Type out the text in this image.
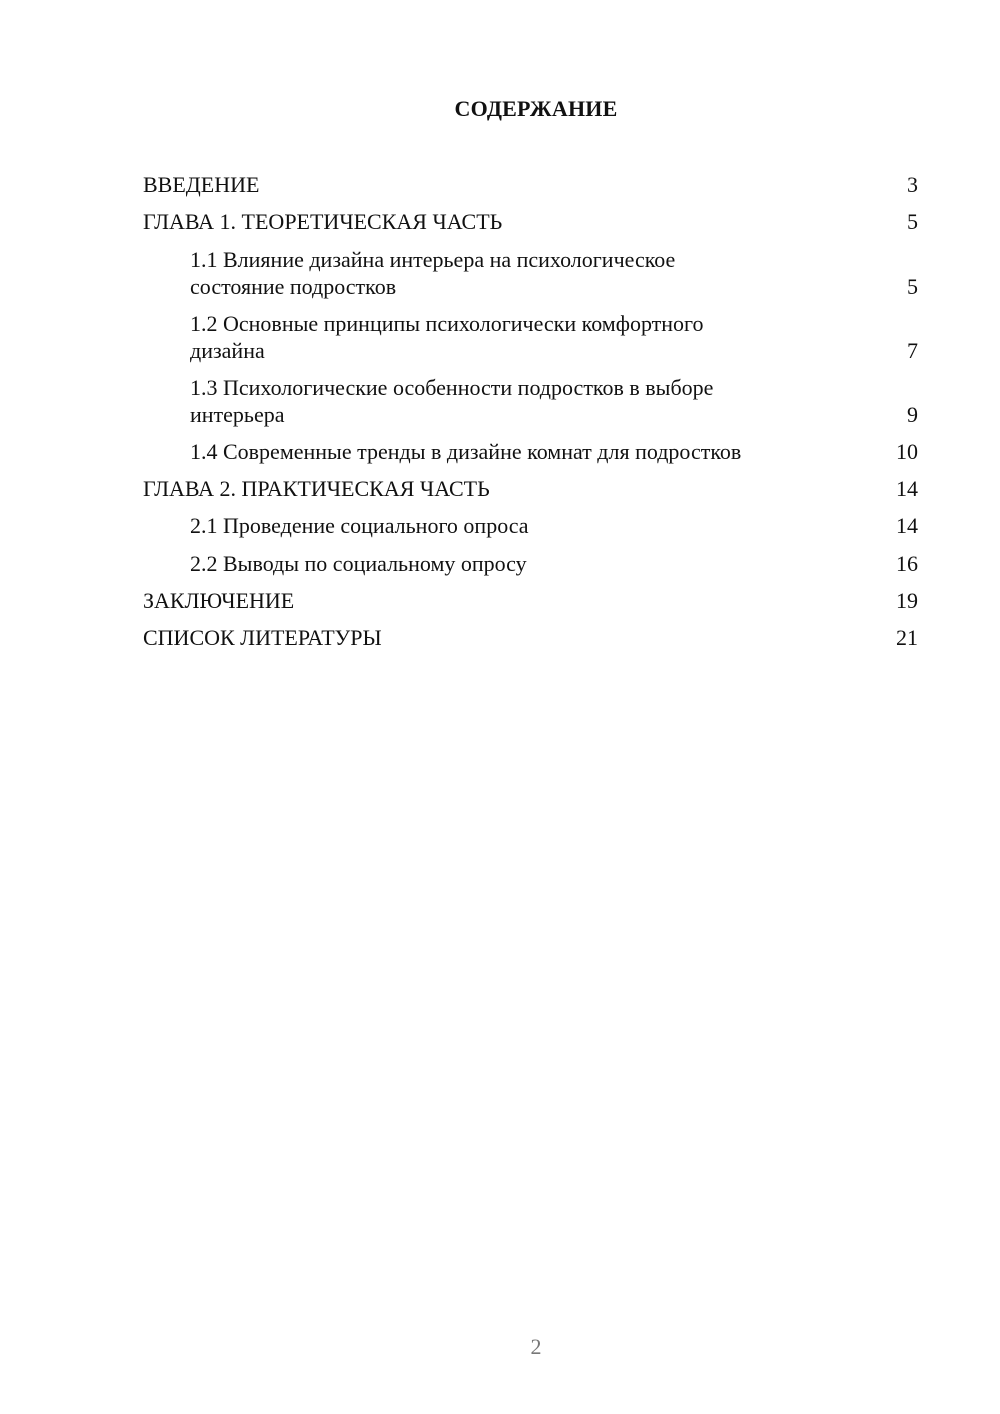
СОДЕРЖАНИЕ
ВВЕДЕНИЕ	3
ГЛАВА 1. ТЕОРЕТИЧЕСКАЯ ЧАСТЬ	5
1.1 Влияние дизайна интерьера на психологическое
состояние подростков	5
1.2 Основные принципы психологически комфортного
дизайна	7
1.3 Психологические особенности подростков в выборе
интерьера	9
1.4 Современные тренды в дизайне комнат для подростков	10
ГЛАВА 2. ПРАКТИЧЕСКАЯ ЧАСТЬ	14
2.1 Проведение социального опроса	14
2.2 Выводы по социальному опросу	16
ЗАКЛЮЧЕНИЕ	19
СПИСОК ЛИТЕРАТУРЫ	21
2
